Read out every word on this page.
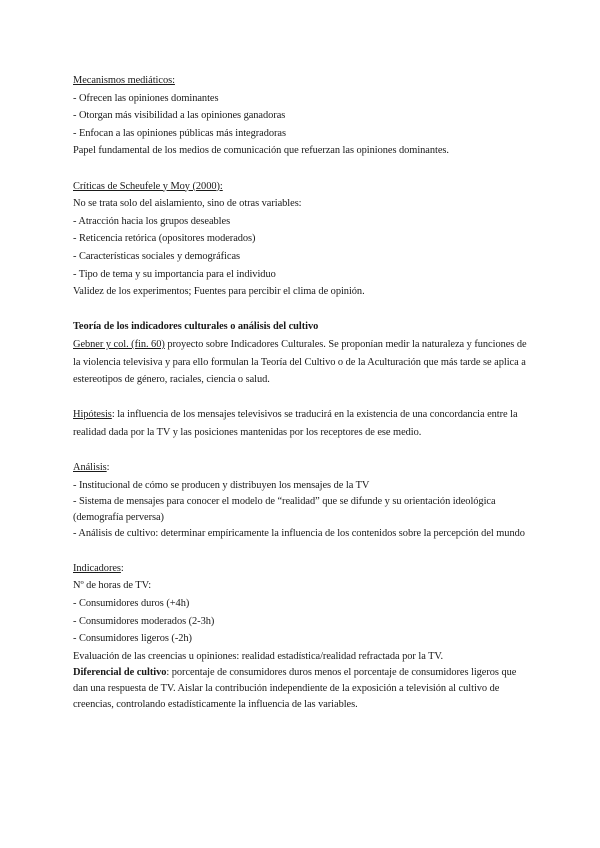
Mecanismos mediáticos:
- Ofrecen las opiniones dominantes
- Otorgan más visibilidad a las opiniones ganadoras
- Enfocan a las opiniones públicas más integradoras
Papel fundamental de los medios de comunicación que refuerzan las opiniones dominantes.
Críticas de Scheufele y Moy (2000):
No se trata solo del aislamiento, sino de otras variables:
- Atracción hacia los grupos deseables
- Reticencia retórica (opositores moderados)
- Características sociales y demográficas
- Tipo de tema y su importancia para el individuo
Validez de los experimentos; Fuentes para percibir el clima de opinión.
Teoría de los indicadores culturales o análisis del cultivo
Gebner y col. (fin. 60) proyecto sobre Indicadores Culturales. Se proponían medir la naturaleza y funciones de la violencia televisiva y para ello formulan la Teoría del Cultivo o de la Aculturación que más tarde se aplica a estereotipos de género, raciales, ciencia o salud.
Hipótesis: la influencia de los mensajes televisivos se traducirá en la existencia de una concordancia entre la realidad dada por la TV y las posiciones mantenidas por los receptores de ese medio.
Análisis:
- Institucional de cómo se producen y distribuyen los mensajes de la TV
- Sistema de mensajes para conocer el modelo de “realidad” que se difunde y su orientación ideológica (demografía perversa)
- Análisis de cultivo: determinar empíricamente la influencia de los contenidos sobre la percepción del mundo
Indicadores:
Nº de horas de TV:
- Consumidores duros (+4h)
- Consumidores moderados (2-3h)
- Consumidores ligeros (-2h)
Evaluación de las creencias u opiniones: realidad estadística/realidad refractada por la TV.
Diferencial de cultivo: porcentaje de consumidores duros menos el porcentaje de consumidores ligeros que dan una respuesta de TV. Aislar la contribución independiente de la exposición a televisión al cultivo de creencias, controlando estadísticamente la influencia de las variables.
